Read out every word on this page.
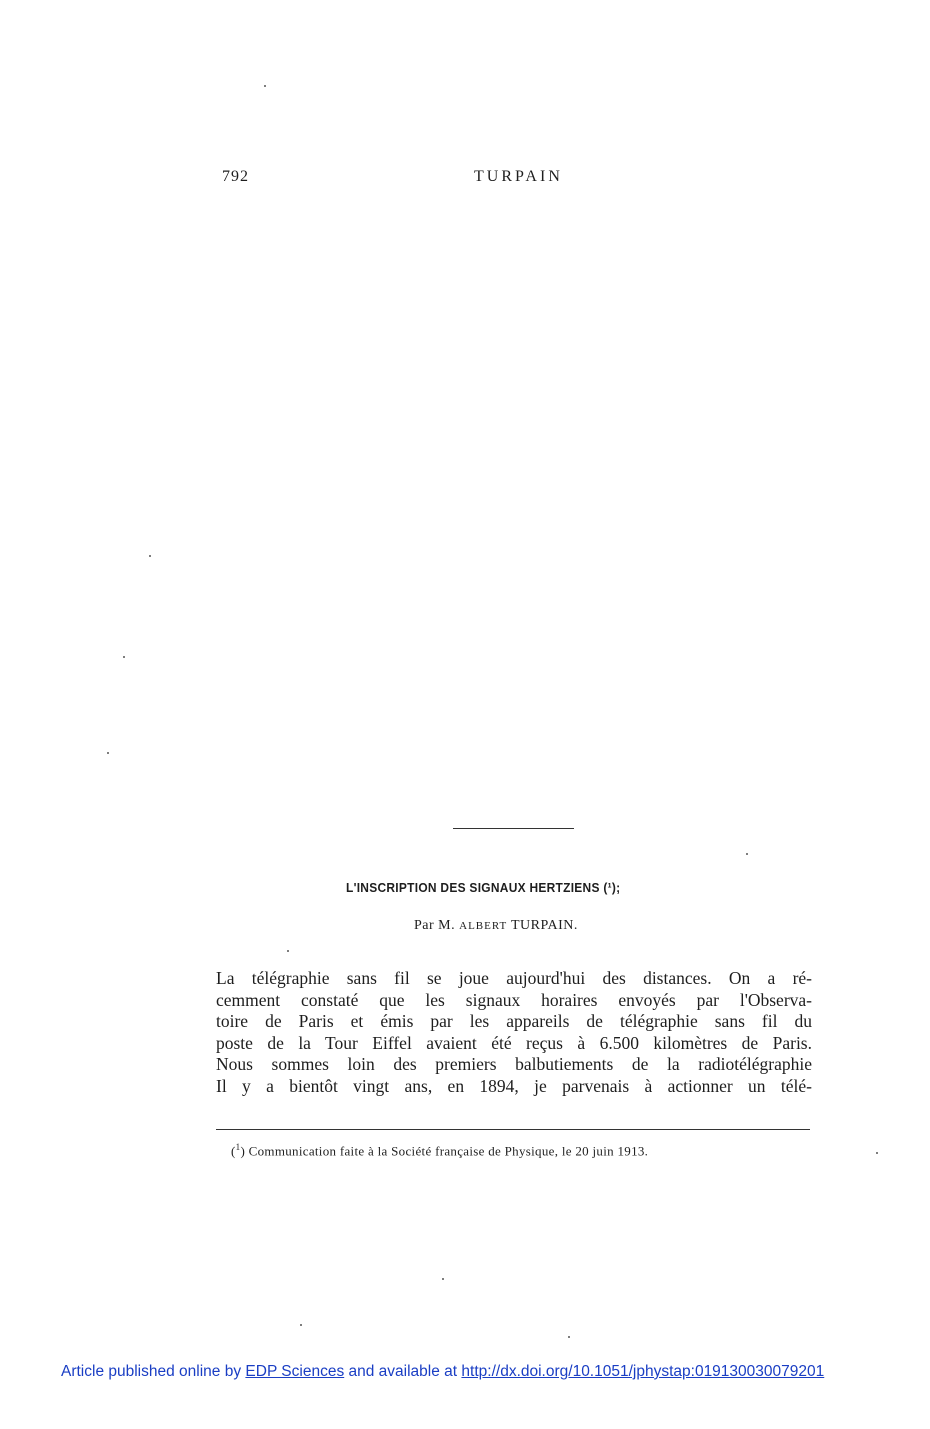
792	TURPAIN
L'INSCRIPTION DES SIGNAUX HERTZIENS (¹);
Par M. ALBERT TURPAIN.
La télégraphie sans fil se joue aujourd'hui des distances. On a ré-
cemment constaté que les signaux horaires envoyés par l'Observa-
toire de Paris et émis par les appareils de télégraphie sans fil du
poste de la Tour Eiffel avaient été reçus à 6.500 kilomètres de Paris.
Nous sommes loin des premiers balbutiements de la radiotélégraphie
Il y a bientôt vingt ans, en 1894, je parvenais à actionner un télé-
($^1$) Communication faite à la Société française de Physique, le 20 juin 1913.
Article published online by EDP Sciences and available at http://dx.doi.org/10.1051/jphystap:019130030079201
